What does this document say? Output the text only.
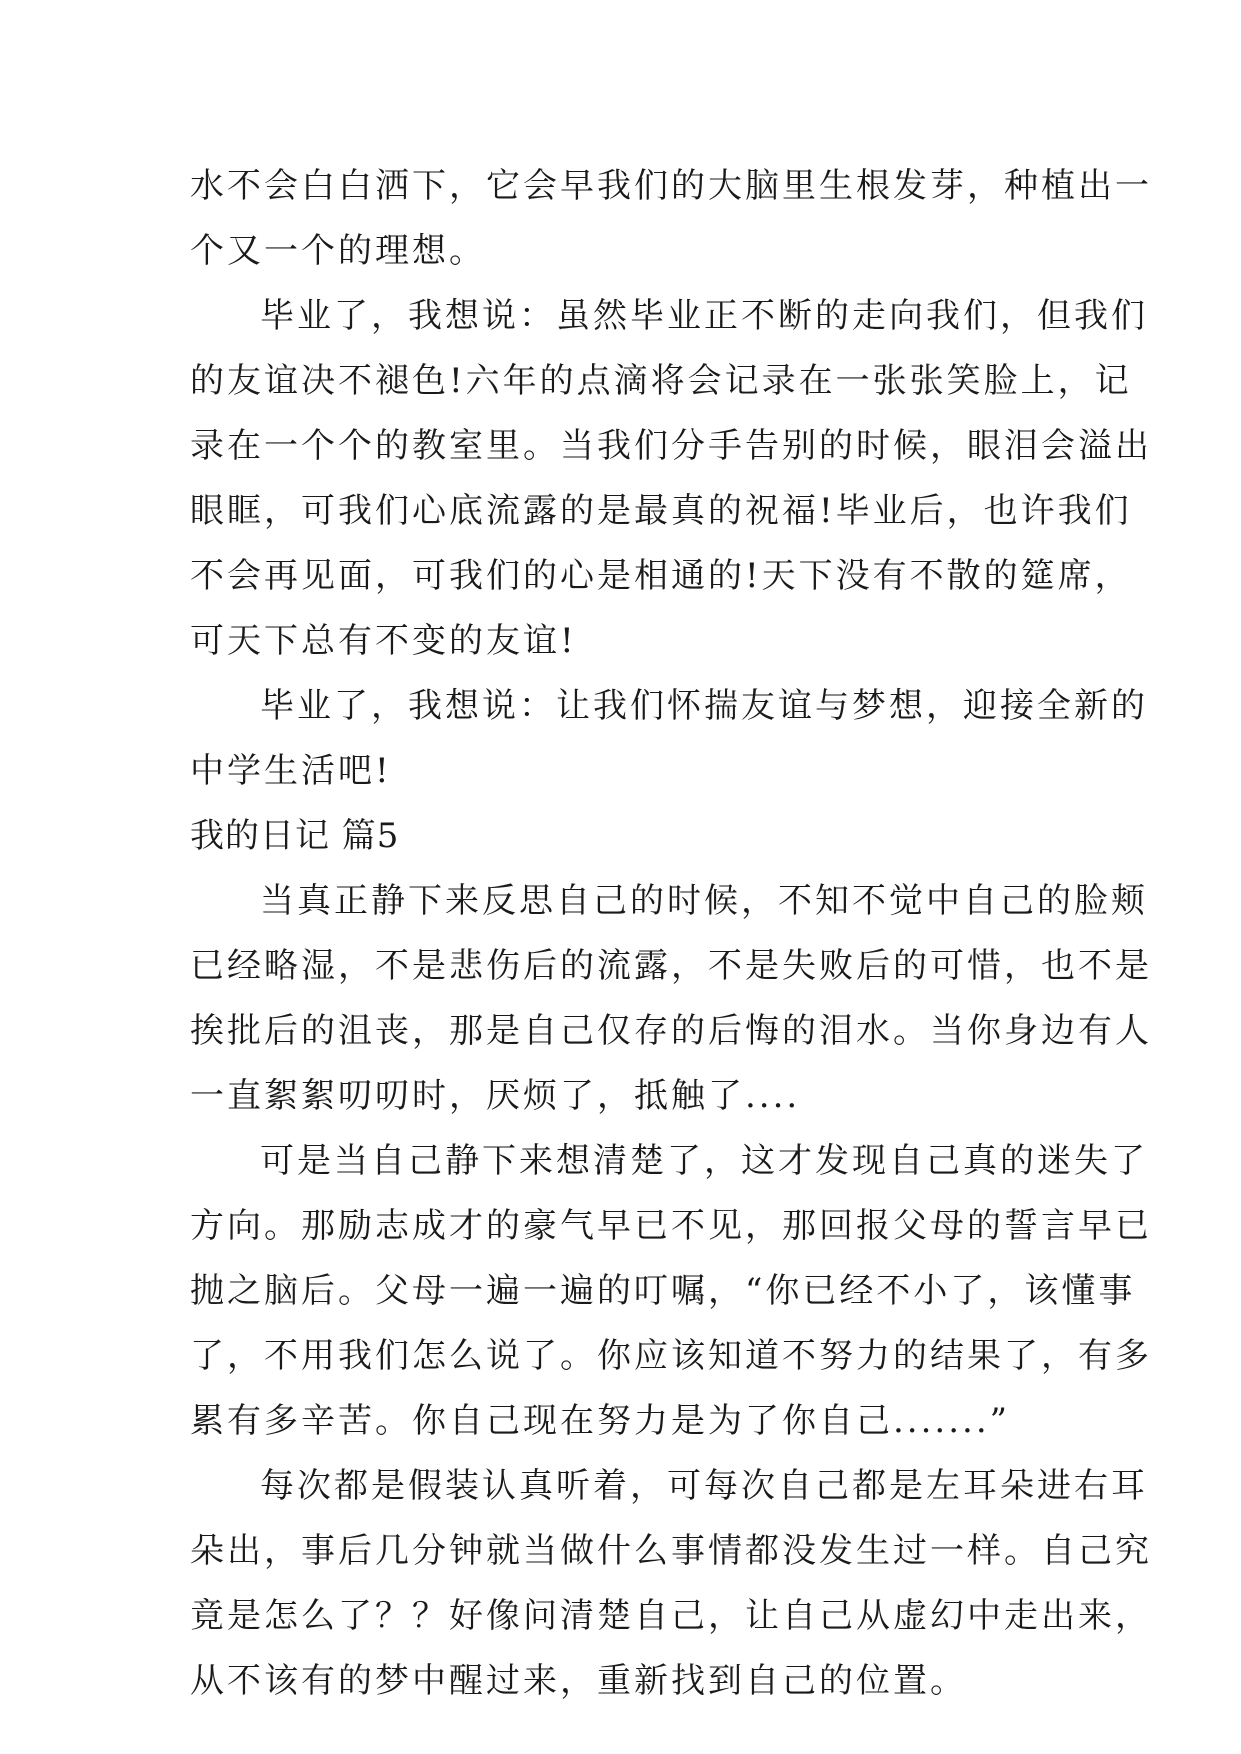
水不会白白洒下，它会早我们的大脑里生根发芽，种植出一
个又一个的理想。
毕业了，我想说：虽然毕业正不断的走向我们，但我们
的友谊决不褪色!六年的点滴将会记录在一张张笑脸上，记
录在一个个的教室里。当我们分手告别的时候，眼泪会溢出
眼眶，可我们心底流露的是最真的祝福!毕业后，也许我们
不会再见面，可我们的心是相通的!天下没有不散的筵席，
可天下总有不变的友谊!
毕业了，我想说：让我们怀揣友谊与梦想，迎接全新的
中学生活吧!
我的日记 篇5
当真正静下来反思自己的时候，不知不觉中自己的脸颊
已经略湿，不是悲伤后的流露，不是失败后的可惜，也不是
挨批后的沮丧，那是自己仅存的后悔的泪水。当你身边有人
一直絮絮叨叨时，厌烦了，抵触了....
可是当自己静下来想清楚了，这才发现自己真的迷失了
方向。那励志成才的豪气早已不见，那回报父母的誓言早已
抛之脑后。父母一遍一遍的叮嘱，“你已经不小了，该懂事
了，不用我们怎么说了。你应该知道不努力的结果了，有多
累有多辛苦。你自己现在努力是为了你自己.......”
每次都是假装认真听着，可每次自己都是左耳朵进右耳
朵出，事后几分钟就当做什么事情都没发生过一样。自己究
竟是怎么了？？好像问清楚自己，让自己从虚幻中走出来，
从不该有的梦中醒过来，重新找到自己的位置。
